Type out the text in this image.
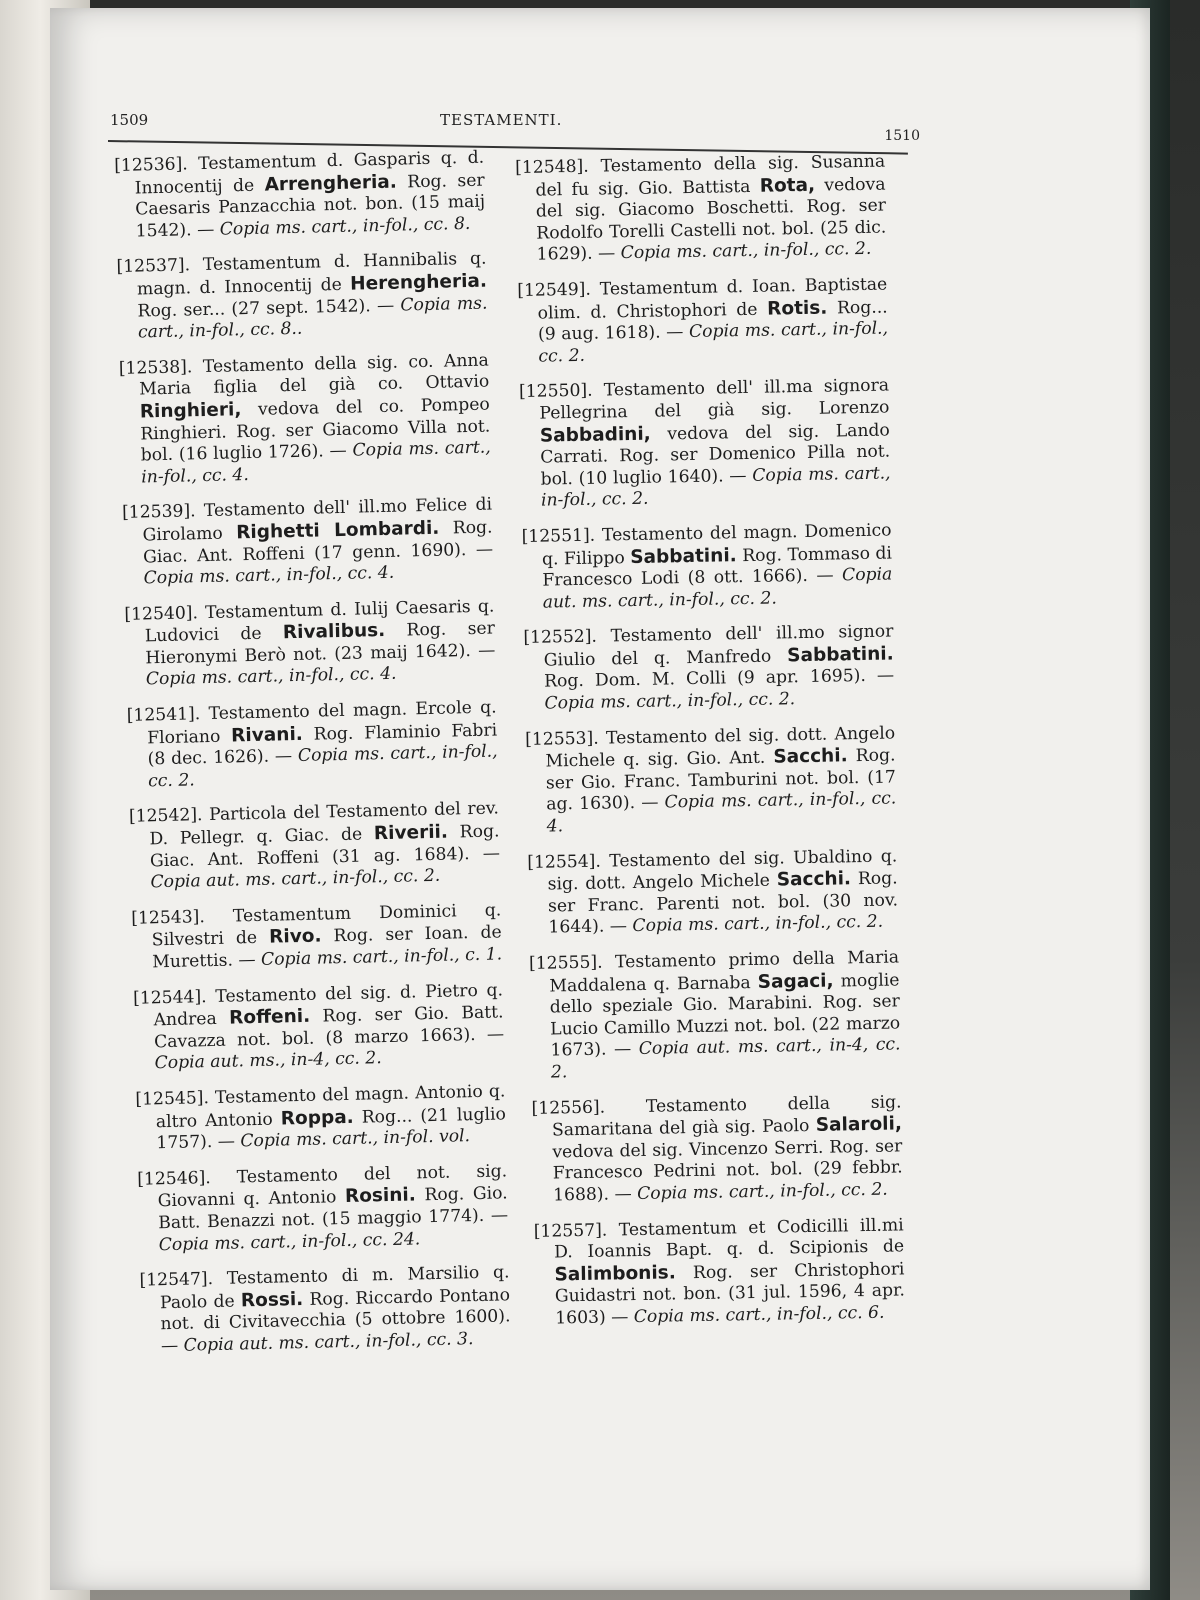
1509	TESTAMENTI.
1510

[12536]. Testamentum d. Gasparis q. d. Innocentij de Arrengheria. Rog. ser Caesaris Panzacchia not. bon. (15 maij 1542). — Copia ms. cart., in-fol., cc. 8.

[12537]. Testamentum d. Hannibalis q. magn. d. Innocentij de Herengheria. Rog. ser... (27 sept. 1542). — Copia ms. cart., in-fol., cc. 8..

[12538]. Testamento della sig. co. Anna Maria figlia del già co. Ottavio Ringhieri, vedova del co. Pompeo Ringhieri. Rog. ser Giacomo Villa not. bol. (16 luglio 1726). — Copia ms. cart., in-fol., cc. 4.

[12539]. Testamento dell' ill.mo Felice di Girolamo Righetti Lombardi. Rog. Giac. Ant. Roffeni (17 genn. 1690). — Copia ms. cart., in-fol., cc. 4.

[12540]. Testamentum d. Iulij Caesaris q. Ludovici de Rivalibus. Rog. ser Hieronymi Berò not. (23 maij 1642). — Copia ms. cart., in-fol., cc. 4.

[12541]. Testamento del magn. Ercole q. Floriano Rivani. Rog. Flaminio Fabri (8 dec. 1626). — Copia ms. cart., in-fol., cc. 2.

[12542]. Particola del Testamento del rev. D. Pellegr. q. Giac. de Riverii. Rog. Giac. Ant. Roffeni (31 ag. 1684). — Copia aut. ms. cart., in-fol., cc. 2.

[12543]. Testamentum Dominici q. Silvestri de Rivo. Rog. ser Ioan. de Murettis. — Copia ms. cart., in-fol., c. 1.

[12544]. Testamento del sig. d. Pietro q. Andrea Roffeni. Rog. ser Gio. Batt. Cavazza not. bol. (8 marzo 1663). — Copia aut. ms., in-4, cc. 2.

[12545]. Testamento del magn. Antonio q. altro Antonio Roppa. Rog... (21 luglio 1757). — Copia ms. cart., in-fol. vol.

[12546]. Testamento del not. sig. Giovanni q. Antonio Rosini. Rog. Gio. Batt. Benazzi not. (15 maggio 1774). — Copia ms. cart., in-fol., cc. 24.

[12547]. Testamento di m. Marsilio q. Paolo de Rossi. Rog. Riccardo Pontano not. di Civitavecchia (5 ottobre 1600). — Copia aut. ms. cart., in-fol., cc. 3.

[12548]. Testamento della sig. Susanna del fu sig. Gio. Battista Rota, vedova del sig. Giacomo Boschetti. Rog. ser Rodolfo Torelli Castelli not. bol. (25 dic. 1629). — Copia ms. cart., in-fol., cc. 2.

[12549]. Testamentum d. Ioan. Baptistae olim. d. Christophori de Rotis. Rog... (9 aug. 1618). — Copia ms. cart., in-fol., cc. 2.

[12550]. Testamento dell' ill.ma signora Pellegrina del già sig. Lorenzo Sabbadini, vedova del sig. Lando Carrati. Rog. ser Domenico Pilla not. bol. (10 luglio 1640). — Copia ms. cart., in-fol., cc. 2.

[12551]. Testamento del magn. Domenico q. Filippo Sabbatini. Rog. Tommaso di Francesco Lodi (8 ott. 1666). — Copia aut. ms. cart., in-fol., cc. 2.

[12552]. Testamento dell' ill.mo signor Giulio del q. Manfredo Sabbatini. Rog. Dom. M. Colli (9 apr. 1695). — Copia ms. cart., in-fol., cc. 2.

[12553]. Testamento del sig. dott. Angelo Michele q. sig. Gio. Ant. Sacchi. Rog. ser Gio. Franc. Tamburini not. bol. (17 ag. 1630). — Copia ms. cart., in-fol., cc. 4.

[12554]. Testamento del sig. Ubaldino q. sig. dott. Angelo Michele Sacchi. Rog. ser Franc. Parenti not. bol. (30 nov. 1644). — Copia ms. cart., in-fol., cc. 2.

[12555]. Testamento primo della Maria Maddalena q. Barnaba Sagaci, moglie dello speziale Gio. Marabini. Rog. ser Lucio Camillo Muzzi not. bol. (22 marzo 1673). — Copia aut. ms. cart., in-4, cc. 2.

[12556]. Testamento della sig. Samaritana del già sig. Paolo Salaroli, vedova del sig. Vincenzo Serri. Rog. ser Francesco Pedrini not. bol. (29 febbr. 1688). — Copia ms. cart., in-fol., cc. 2.

[12557]. Testamentum et Codicilli ill.mi D. Ioannis Bapt. q. d. Scipionis de Salimbonis. Rog. ser Christophori Guidastri not. bon. (31 jul. 1596, 4 apr. 1603) — Copia ms. cart., in-fol., cc. 6.
